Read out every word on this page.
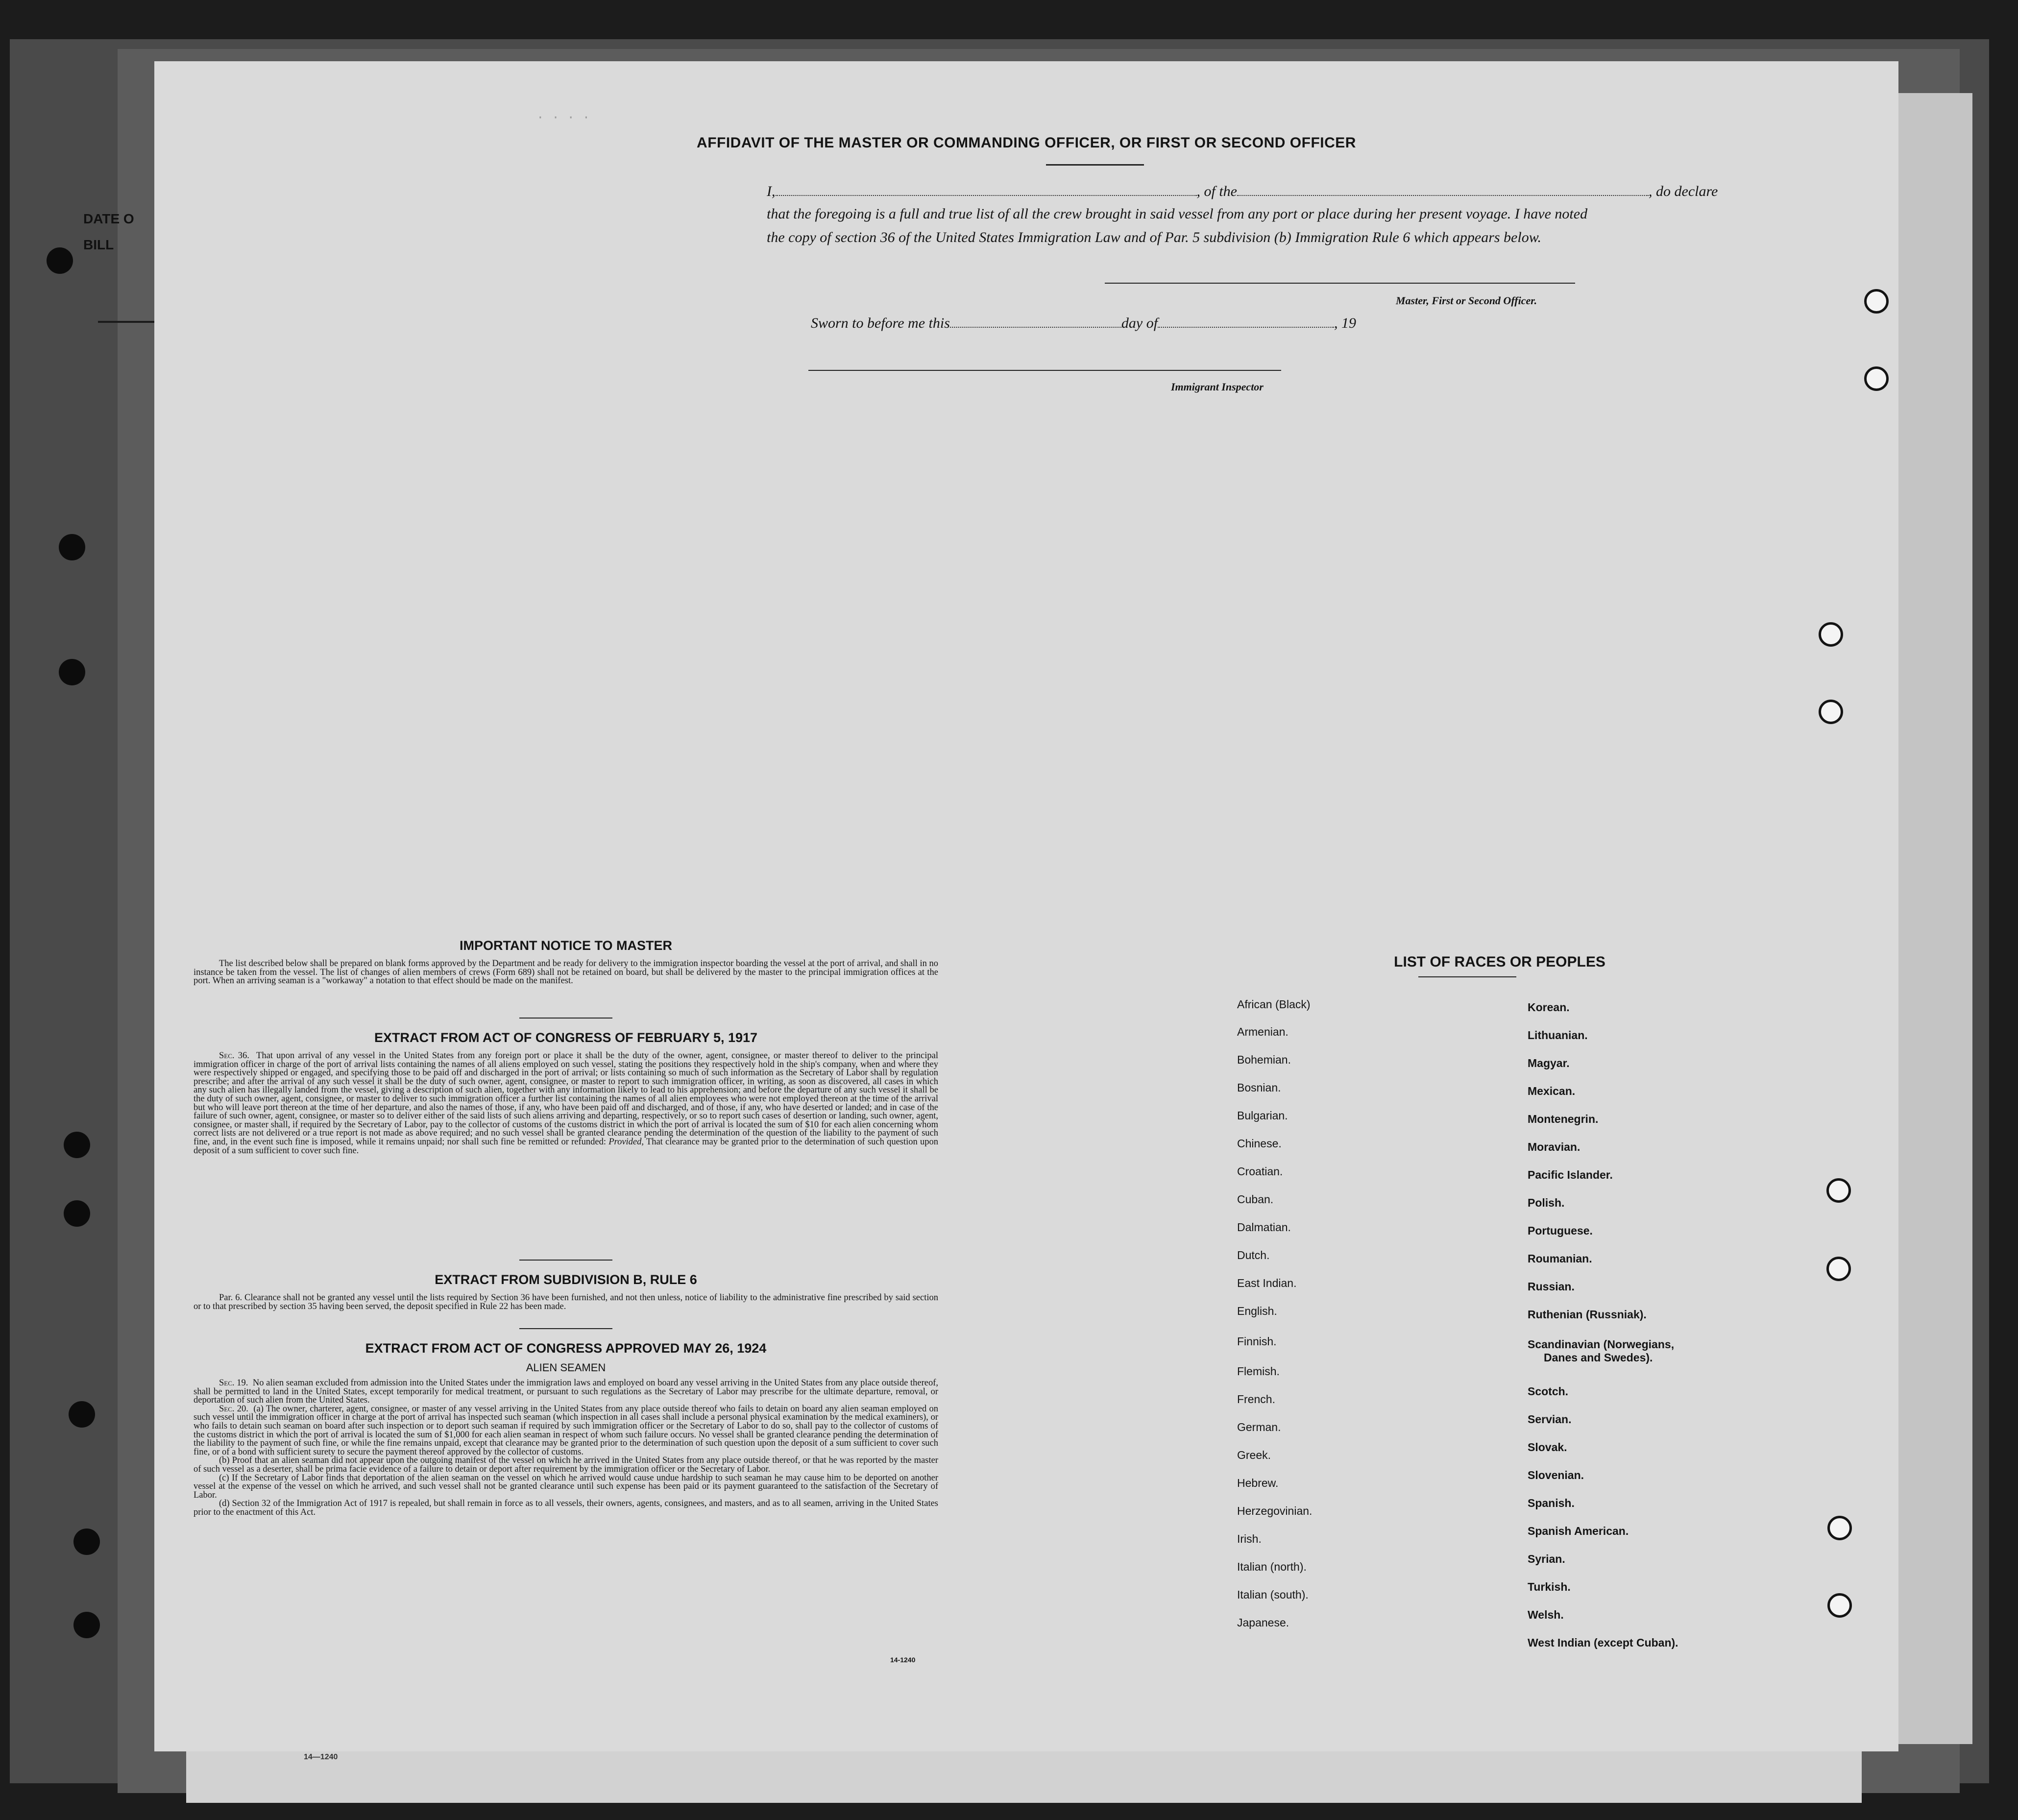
DATE O
BILL
14—1240
AFFIDAVIT OF THE MASTER OR COMMANDING OFFICER, OR FIRST OR SECOND OFFICER
I,	, of the	, do declare
that the foregoing is a full and true list of all the crew brought in said vessel from any port or place during her present voyage. I have noted
the copy of section 36 of the United States Immigration Law and of Par. 5 subdivision (b) Immigration Rule 6 which appears below.
Master, First or Second Officer.
Sworn to before me this	day of	, 19
Immigrant Inspector
· · · ·
IMPORTANT NOTICE TO MASTER

The list described below shall be prepared on blank forms approved by the Department and be ready for delivery to the immigration inspector boarding the vessel at the port of arrival, and shall in no instance be taken from the vessel. The list of changes of alien members of crews (Form 689) shall not be retained on board, but shall be delivered by the master to the principal immigration offices at the port. When an arriving seaman is a "workaway" a notation to that effect should be made on the manifest.

EXTRACT FROM ACT OF CONGRESS OF FEBRUARY 5, 1917

Sec. 36. That upon arrival of any vessel in the United States from any foreign port or place it shall be the duty of the owner, agent, consignee, or master thereof to deliver to the principal immigration officer in charge of the port of arrival lists containing the names of all aliens employed on such vessel, stating the positions they respectively hold in the ship's company, when and where they were respectively shipped or engaged, and specifying those to be paid off and discharged in the port of arrival; or lists containing so much of such information as the Secretary of Labor shall by regulation prescribe; and after the arrival of any such vessel it shall be the duty of such owner, agent, consignee, or master to report to such immigration officer, in writing, as soon as discovered, all cases in which any such alien has illegally landed from the vessel, giving a description of such alien, together with any information likely to lead to his apprehension; and before the departure of any such vessel it shall be the duty of such owner, agent, consignee, or master to deliver to such immigration officer a further list containing the names of all alien employees who were not employed thereon at the time of the arrival but who will leave port thereon at the time of her departure, and also the names of those, if any, who have been paid off and discharged, and of those, if any, who have deserted or landed; and in case of the failure of such owner, agent, consignee, or master so to deliver either of the said lists of such aliens arriving and departing, respectively, or so to report such cases of desertion or landing, such owner, agent, consignee, or master shall, if required by the Secretary of Labor, pay to the collector of customs of the customs district in which the port of arrival is located the sum of $10 for each alien concerning whom correct lists are not delivered or a true report is not made as above required; and no such vessel shall be granted clearance pending the determination of the question of the liability to the payment of such fine, and, in the event such fine is imposed, while it remains unpaid; nor shall such fine be remitted or refunded: Provided, That clearance may be granted prior to the determination of such question upon deposit of a sum sufficient to cover such fine.

EXTRACT FROM SUBDIVISION B, RULE 6

Par. 6. Clearance shall not be granted any vessel until the lists required by Section 36 have been furnished, and not then unless, notice of liability to the administrative fine prescribed by said section or to that prescribed by section 35 having been served, the deposit specified in Rule 22 has been made.

EXTRACT FROM ACT OF CONGRESS APPROVED MAY 26, 1924
ALIEN SEAMEN

Sec. 19. No alien seaman excluded from admission into the United States under the immigration laws and employed on board any vessel arriving in the United States from any place outside thereof, shall be permitted to land in the United States, except temporarily for medical treatment, or pursuant to such regulations as the Secretary of Labor may prescribe for the ultimate departure, removal, or deportation of such alien from the United States.

Sec. 20. (a) The owner, charterer, agent, consignee, or master of any vessel arriving in the United States from any place outside thereof who fails to detain on board any alien seaman employed on such vessel until the immigration officer in charge at the port of arrival has inspected such seaman (which inspection in all cases shall include a personal physical examination by the medical examiners), or who fails to detain such seaman on board after such inspection or to deport such seaman if required by such immigration officer or the Secretary of Labor to do so, shall pay to the collector of customs of the customs district in which the port of arrival is located the sum of $1,000 for each alien seaman in respect of whom such failure occurs. No vessel shall be granted clearance pending the determination of the liability to the payment of such fine, or while the fine remains unpaid, except that clearance may be granted prior to the determination of such question upon the deposit of a sum sufficient to cover such fine, or of a bond with sufficient surety to secure the payment thereof approved by the collector of customs.

(b) Proof that an alien seaman did not appear upon the outgoing manifest of the vessel on which he arrived in the United States from any place outside thereof, or that he was reported by the master of such vessel as a deserter, shall be prima facie evidence of a failure to detain or deport after requirement by the immigration officer or the Secretary of Labor.

(c) If the Secretary of Labor finds that deportation of the alien seaman on the vessel on which he arrived would cause undue hardship to such seaman he may cause him to be deported on another vessel at the expense of the vessel on which he arrived, and such vessel shall not be granted clearance until such expense has been paid or its payment guaranteed to the satisfaction of the Secretary of Labor.

(d) Section 32 of the Immigration Act of 1917 is repealed, but shall remain in force as to all vessels, their owners, agents, consignees, and masters, and as to all seamen, arriving in the United States prior to the enactment of this Act.

14-1240
LIST OF RACES OR PEOPLES
African (Black)
Armenian.
Bohemian.
Bosnian.
Bulgarian.
Chinese.
Croatian.
Cuban.
Dalmatian.
Dutch.
East Indian.
English.
Finnish.
Flemish.
French.
German.
Greek.
Hebrew.
Herzegovinian.
Irish.
Italian (north).
Italian (south).
Japanese.
Korean.
Lithuanian.
Magyar.
Mexican.
Montenegrin.
Moravian.
Pacific Islander.
Polish.
Portuguese.
Roumanian.
Russian.
Ruthenian (Russniak).
Scandinavian (Norwegians,
Danes and Swedes).
Scotch.
Servian.
Slovak.
Slovenian.
Spanish.
Spanish American.
Syrian.
Turkish.
Welsh.
West Indian (except Cuban).
